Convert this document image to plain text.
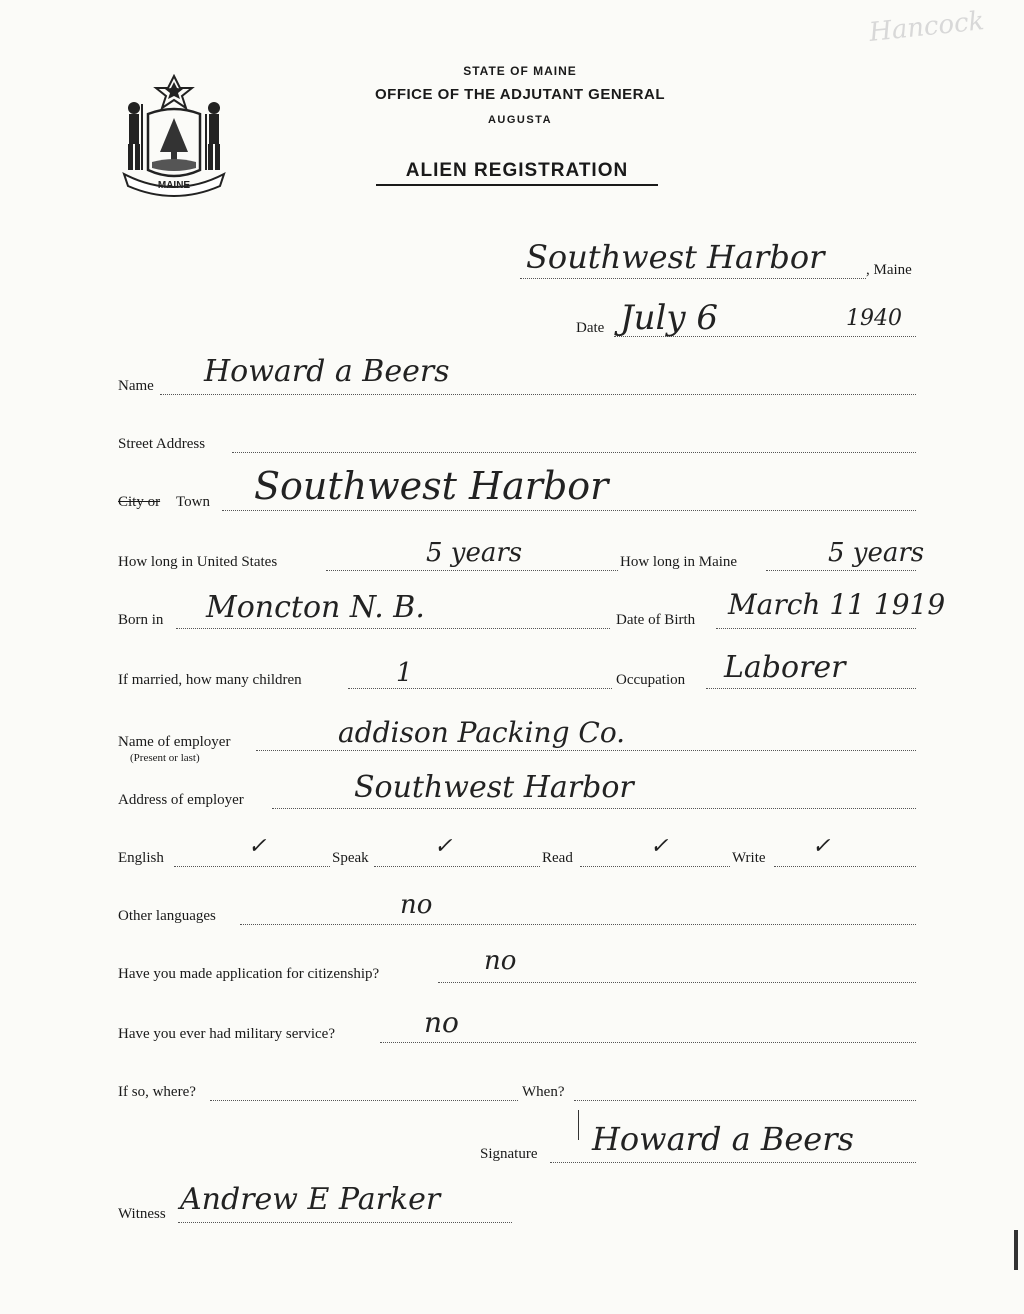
Hancock
MAINE
STATE OF MAINE
OFFICE OF THE ADJUTANT GENERAL
AUGUSTA
ALIEN REGISTRATION
Southwest Harbor	, Maine
Date July 6	1940
Name Howard a Beers
Street Address
City or Town Southwest Harbor
How long in United States	5 years	How long in Maine	5 years
Born in Moncton N. B.	Date of Birth March 11 1919
If married, how many children	1	Occupation Laborer
Name of employer
(Present or last)
addison Packing Co.
Address of employer	Southwest Harbor
English	✓	Speak	✓	Read	✓	Write ✓
Other languages	no
Have you made application for citizenship?	no
Have you ever had military service?	no
If so, where?	When?
Signature Howard a Beers
Witness Andrew E Parker
